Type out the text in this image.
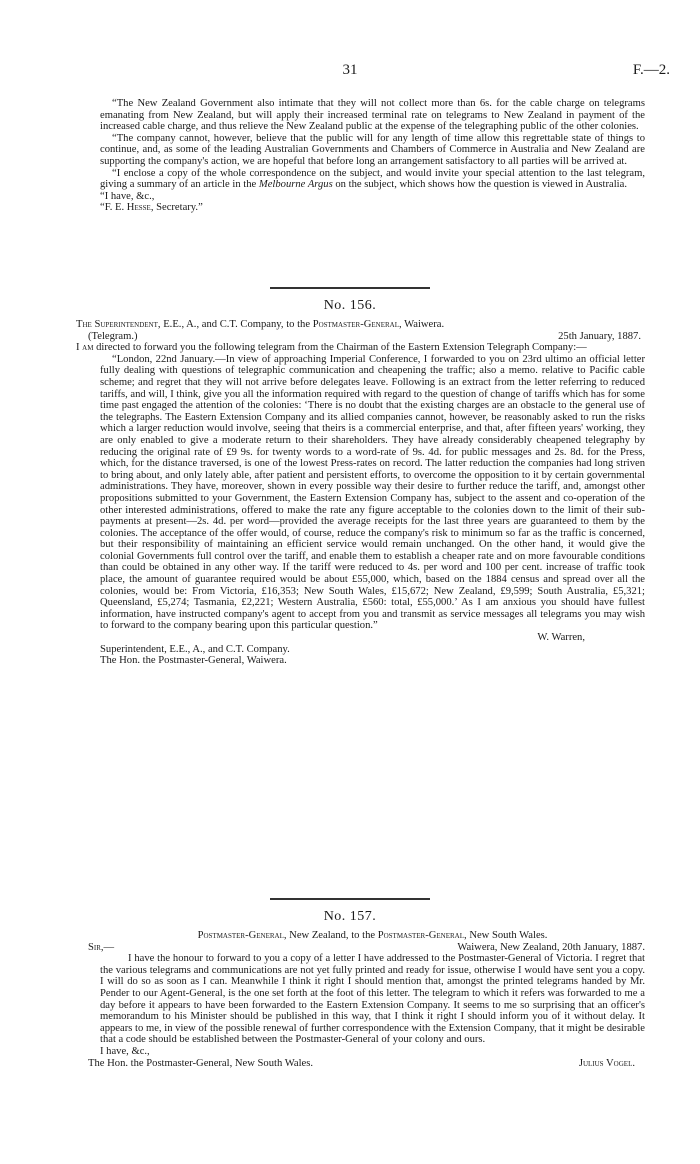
31	F.—2.

“The New Zealand Government also intimate that they will not collect more than 6s. for the cable charge on telegrams emanating from New Zealand, but will apply their increased terminal rate on telegrams to New Zealand in payment of the increased cable charge, and thus relieve the New Zealand public at the expense of the telegraphing public of the other colonies.

“The company cannot, however, believe that the public will for any length of time allow this regrettable state of things to continue, and, as some of the leading Australian Governments and Chambers of Commerce in Australia and New Zealand are supporting the company's action, we are hopeful that before long an arrangement satisfactory to all parties will be arrived at.

“I enclose a copy of the whole correspondence on the subject, and would invite your special attention to the last telegram, giving a summary of an article in the Melbourne Argus on the subject, which shows how the question is viewed in Australia.

“I have, &c.,

“F. E. Hesse, Secretary.”

No. 156.

The Superintendent, E.E., A., and C.T. Company, to the Postmaster-General, Waiwera.

(Telegram.)	25th January, 1887.

I am directed to forward you the following telegram from the Chairman of the Eastern Extension Telegraph Company:—

“London, 22nd January.—In view of approaching Imperial Conference, I forwarded to you on 23rd ultimo an official letter fully dealing with questions of telegraphic communication and cheapening the traffic; also a memo. relative to Pacific cable scheme; and regret that they will not arrive before delegates leave. Following is an extract from the letter referring to reduced tariffs, and will, I think, give you all the information required with regard to the question of change of tariffs which has for some time past engaged the attention of the colonies: ‘There is no doubt that the existing charges are an obstacle to the general use of the telegraphs. The Eastern Extension Company and its allied companies cannot, however, be reasonably asked to run the risks which a larger reduction would involve, seeing that theirs is a commercial enterprise, and that, after fifteen years' working, they are only enabled to give a moderate return to their shareholders. They have already considerably cheapened telegraphy by reducing the original rate of £9 9s. for twenty words to a word-rate of 9s. 4d. for public messages and 2s. 8d. for the Press, which, for the distance traversed, is one of the lowest Press-rates on record. The latter reduction the companies had long striven to bring about, and only lately able, after patient and persistent efforts, to overcome the opposition to it by certain governmental administrations. They have, moreover, shown in every possible way their desire to further reduce the tariff, and, amongst other propositions submitted to your Government, the Eastern Extension Company has, subject to the assent and co-operation of the other interested administrations, offered to make the rate any figure acceptable to the colonies down to the limit of their sub-payments at present—2s. 4d. per word—provided the average receipts for the last three years are guaranteed to them by the colonies. The acceptance of the offer would, of course, reduce the company's risk to minimum so far as the traffic is concerned, but their responsibility of maintaining an efficient service would remain unchanged. On the other hand, it would give the colonial Governments full control over the tariff, and enable them to establish a cheaper rate and on more favourable conditions than could be obtained in any other way. If the tariff were reduced to 4s. per word and 100 per cent. increase of traffic took place, the amount of guarantee required would be about £55,000, which, based on the 1884 census and spread over all the colonies, would be: From Victoria, £16,353; New South Wales, £15,672; New Zealand, £9,599; South Australia, £5,321; Queensland, £5,274; Tasmania, £2,221; Western Australia, £560: total, £55,000.’ As I am anxious you should have fullest information, have instructed company's agent to accept from you and transmit as service messages all telegrams you may wish to forward to the company bearing upon this particular question.”

W. Warren,

Superintendent, E.E., A., and C.T. Company.

The Hon. the Postmaster-General, Waiwera.

No. 157.

Postmaster-General, New Zealand, to the Postmaster-General, New South Wales.

Sir,—	Waiwera, New Zealand, 20th January, 1887.

I have the honour to forward to you a copy of a letter I have addressed to the Postmaster-General of Victoria. I regret that the various telegrams and communications are not yet fully printed and ready for issue, otherwise I would have sent you a copy. I will do so as soon as I can. Meanwhile I think it right I should mention that, amongst the printed telegrams handed by Mr. Pender to our Agent-General, is the one set forth at the foot of this letter. The telegram to which it refers was forwarded to me a day before it appears to have been forwarded to the Eastern Extension Company. It seems to me so surprising that an officer's memorandum to his Minister should be published in this way, that I think it right I should inform you of it without delay. It appears to me, in view of the possible renewal of further correspondence with the Extension Company, that it might be desirable that a code should be established between the Postmaster-General of your colony and ours.

I have, &c.,

The Hon. the Postmaster-General, New South Wales.	Julius Vogel.
